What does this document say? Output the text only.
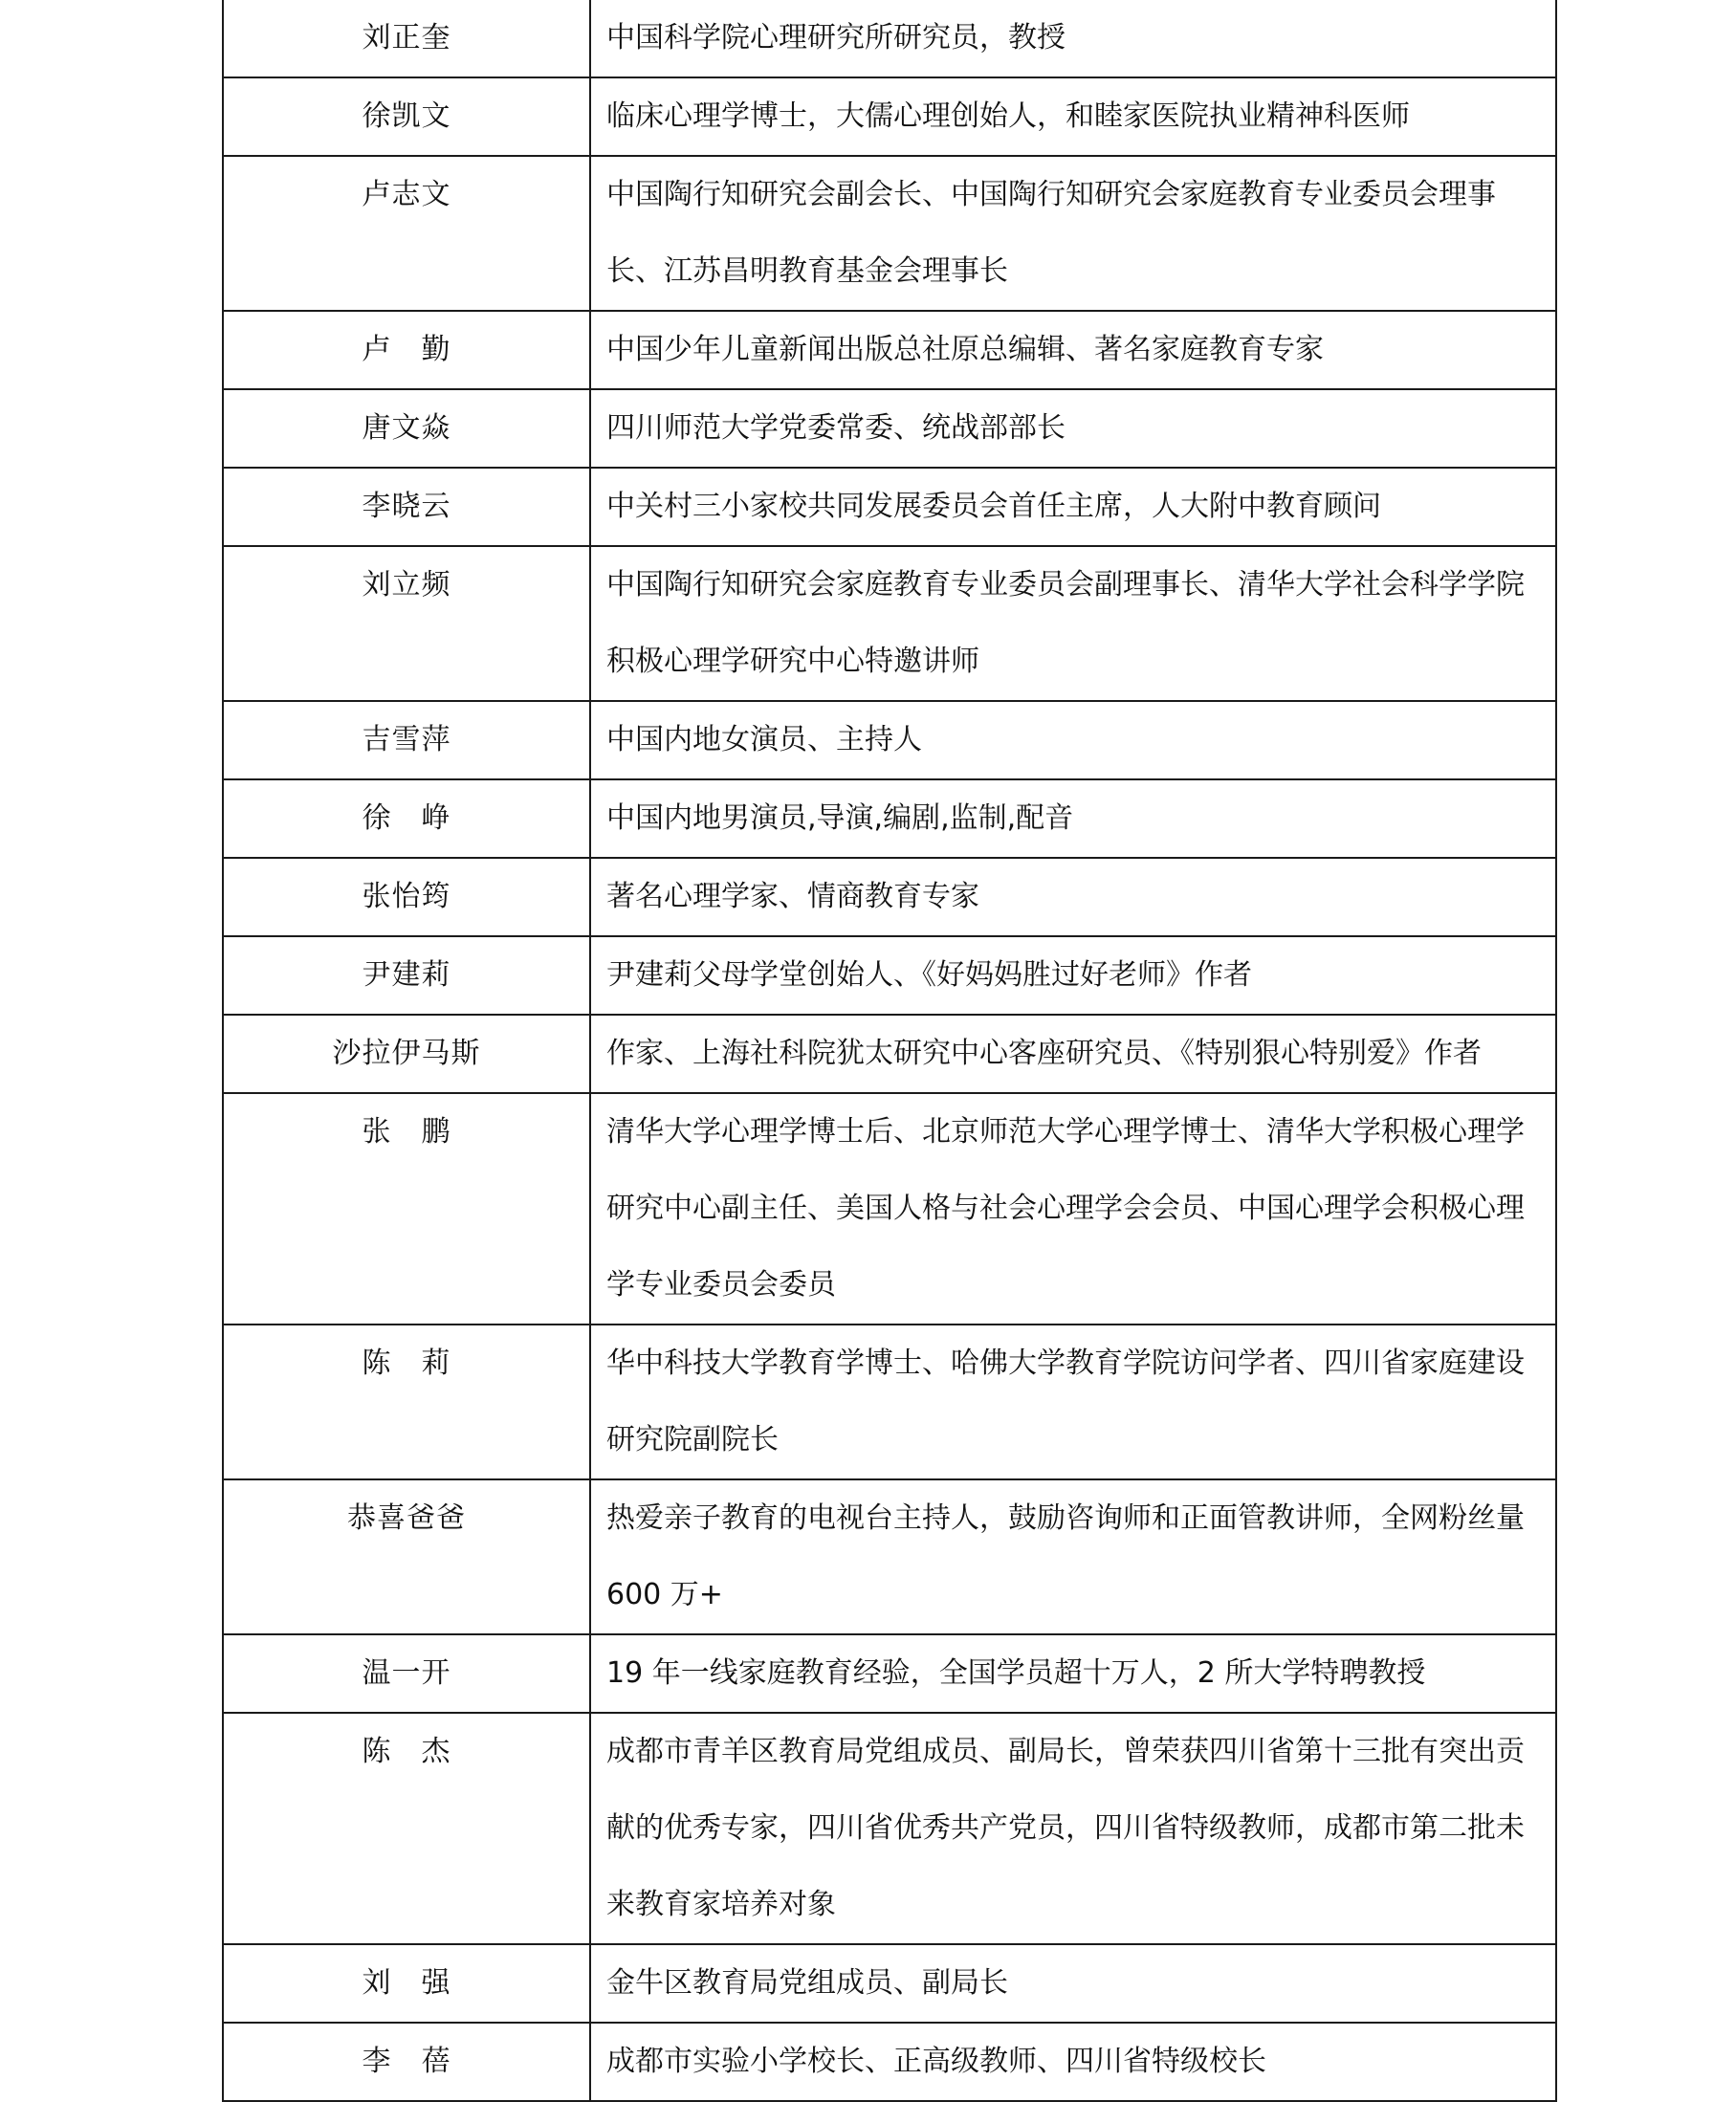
刘正奎	中国科学院心理研究所研究员，教授

徐凯文	临床心理学博士，大儒心理创始人，和睦家医院执业精神科医师

卢志文	中国陶行知研究会副会长、中国陶行知研究会家庭教育专业委员会理事长、江苏昌明教育基金会理事长

卢　勤	中国少年儿童新闻出版总社原总编辑、著名家庭教育专家

唐文焱	四川师范大学党委常委、统战部部长

李晓云	中关村三小家校共同发展委员会首任主席，人大附中教育顾问

刘立频	中国陶行知研究会家庭教育专业委员会副理事长、清华大学社会科学学院积极心理学研究中心特邀讲师

吉雪萍	中国内地女演员、主持人

徐　峥	中国内地男演员,导演,编剧,监制,配音

张怡筠	著名心理学家、情商教育专家

尹建莉	尹建莉父母学堂创始人、《好妈妈胜过好老师》作者

沙拉伊马斯	作家、上海社科院犹太研究中心客座研究员、《特别狠心特别爱》作者

张　鹏	清华大学心理学博士后、北京师范大学心理学博士、清华大学积极心理学研究中心副主任、美国人格与社会心理学会会员、中国心理学会积极心理学专业委员会委员

陈　莉	华中科技大学教育学博士、哈佛大学教育学院访问学者、四川省家庭建设研究院副院长

恭喜爸爸	热爱亲子教育的电视台主持人，鼓励咨询师和正面管教讲师，全网粉丝量 600 万+

温一开	19 年一线家庭教育经验，全国学员超十万人，2 所大学特聘教授

陈　杰	成都市青羊区教育局党组成员、副局长，曾荣获四川省第十三批有突出贡献的优秀专家，四川省优秀共产党员，四川省特级教师，成都市第二批未来教育家培养对象

刘　强	金牛区教育局党组成员、副局长

李　蓓	成都市实验小学校长、正高级教师、四川省特级校长
